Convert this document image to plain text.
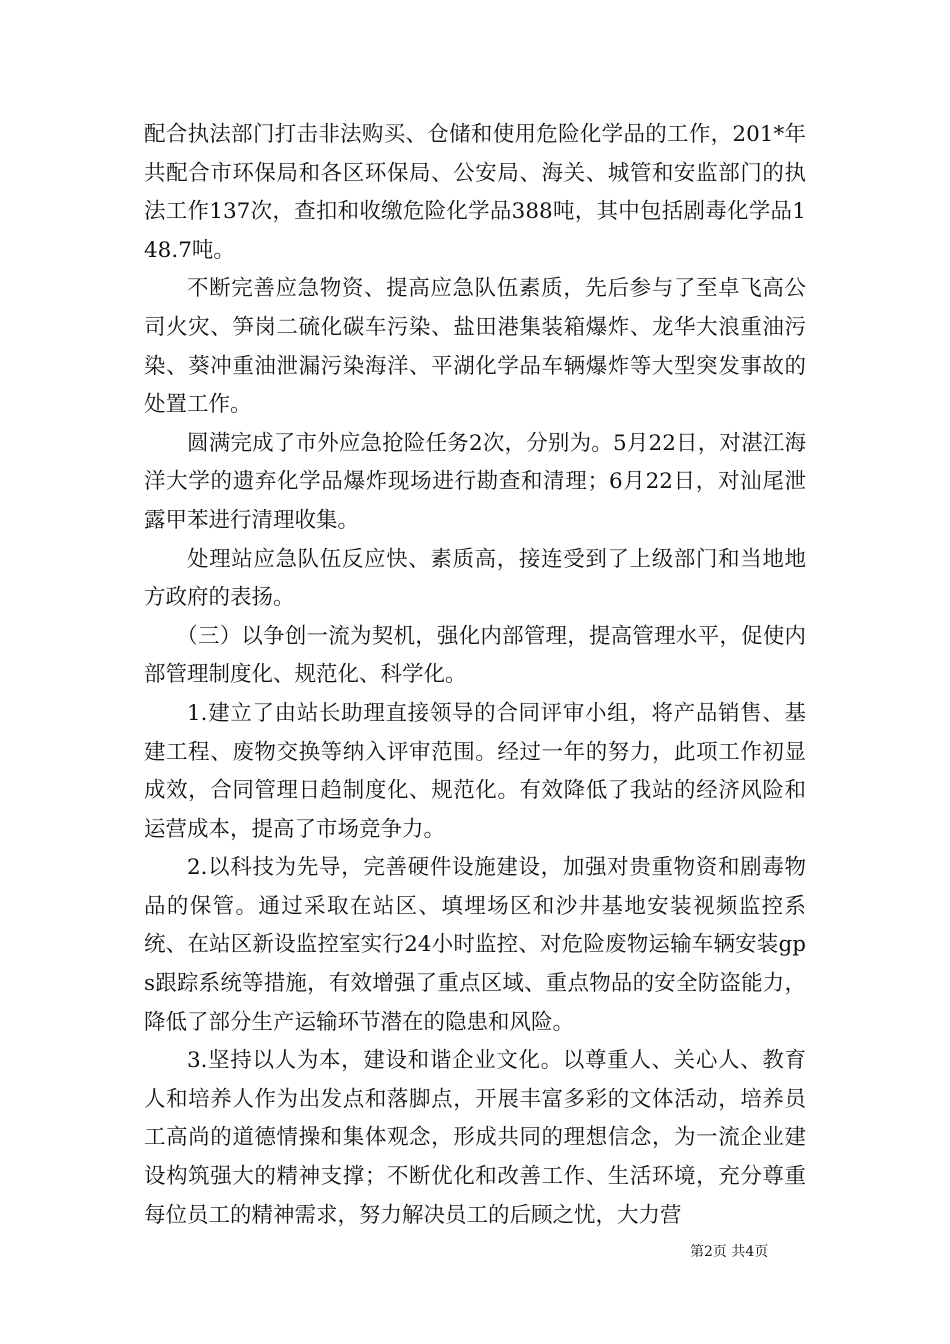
配合执法部门打击非法购买、仓储和使用危险化学品的工作，201*年共配合市环保局和各区环保局、公安局、海关、城管和安监部门的执法工作137次，查扣和收缴危险化学品388吨，其中包括剧毒化学品148.7吨。

不断完善应急物资、提高应急队伍素质，先后参与了至卓飞高公司火灾、笋岗二硫化碳车污染、盐田港集装箱爆炸、龙华大浪重油污染、葵冲重油泄漏污染海洋、平湖化学品车辆爆炸等大型突发事故的处置工作。

圆满完成了市外应急抢险任务2次，分别为。5月22日，对湛江海洋大学的遗弃化学品爆炸现场进行勘查和清理；6月22日，对汕尾泄露甲苯进行清理收集。

处理站应急队伍反应快、素质高，接连受到了上级部门和当地地方政府的表扬。

（三）以争创一流为契机，强化内部管理，提高管理水平，促使内部管理制度化、规范化、科学化。

1.建立了由站长助理直接领导的合同评审小组，将产品销售、基建工程、废物交换等纳入评审范围。经过一年的努力，此项工作初显成效，合同管理日趋制度化、规范化。有效降低了我站的经济风险和运营成本，提高了市场竞争力。

2.以科技为先导，完善硬件设施建设，加强对贵重物资和剧毒物品的保管。通过采取在站区、填埋场区和沙井基地安装视频监控系统、在站区新设监控室实行24小时监控、对危险废物运输车辆安装gps跟踪系统等措施，有效增强了重点区域、重点物品的安全防盗能力，降低了部分生产运输环节潜在的隐患和风险。

3.坚持以人为本，建设和谐企业文化。以尊重人、关心人、教育人和培养人作为出发点和落脚点，开展丰富多彩的文体活动，培养员工高尚的道德情操和集体观念，形成共同的理想信念，为一流企业建设构筑强大的精神支撑；不断优化和改善工作、生活环境，充分尊重每位员工的精神需求，努力解决员工的后顾之忧，大力营

第2页 共4页
